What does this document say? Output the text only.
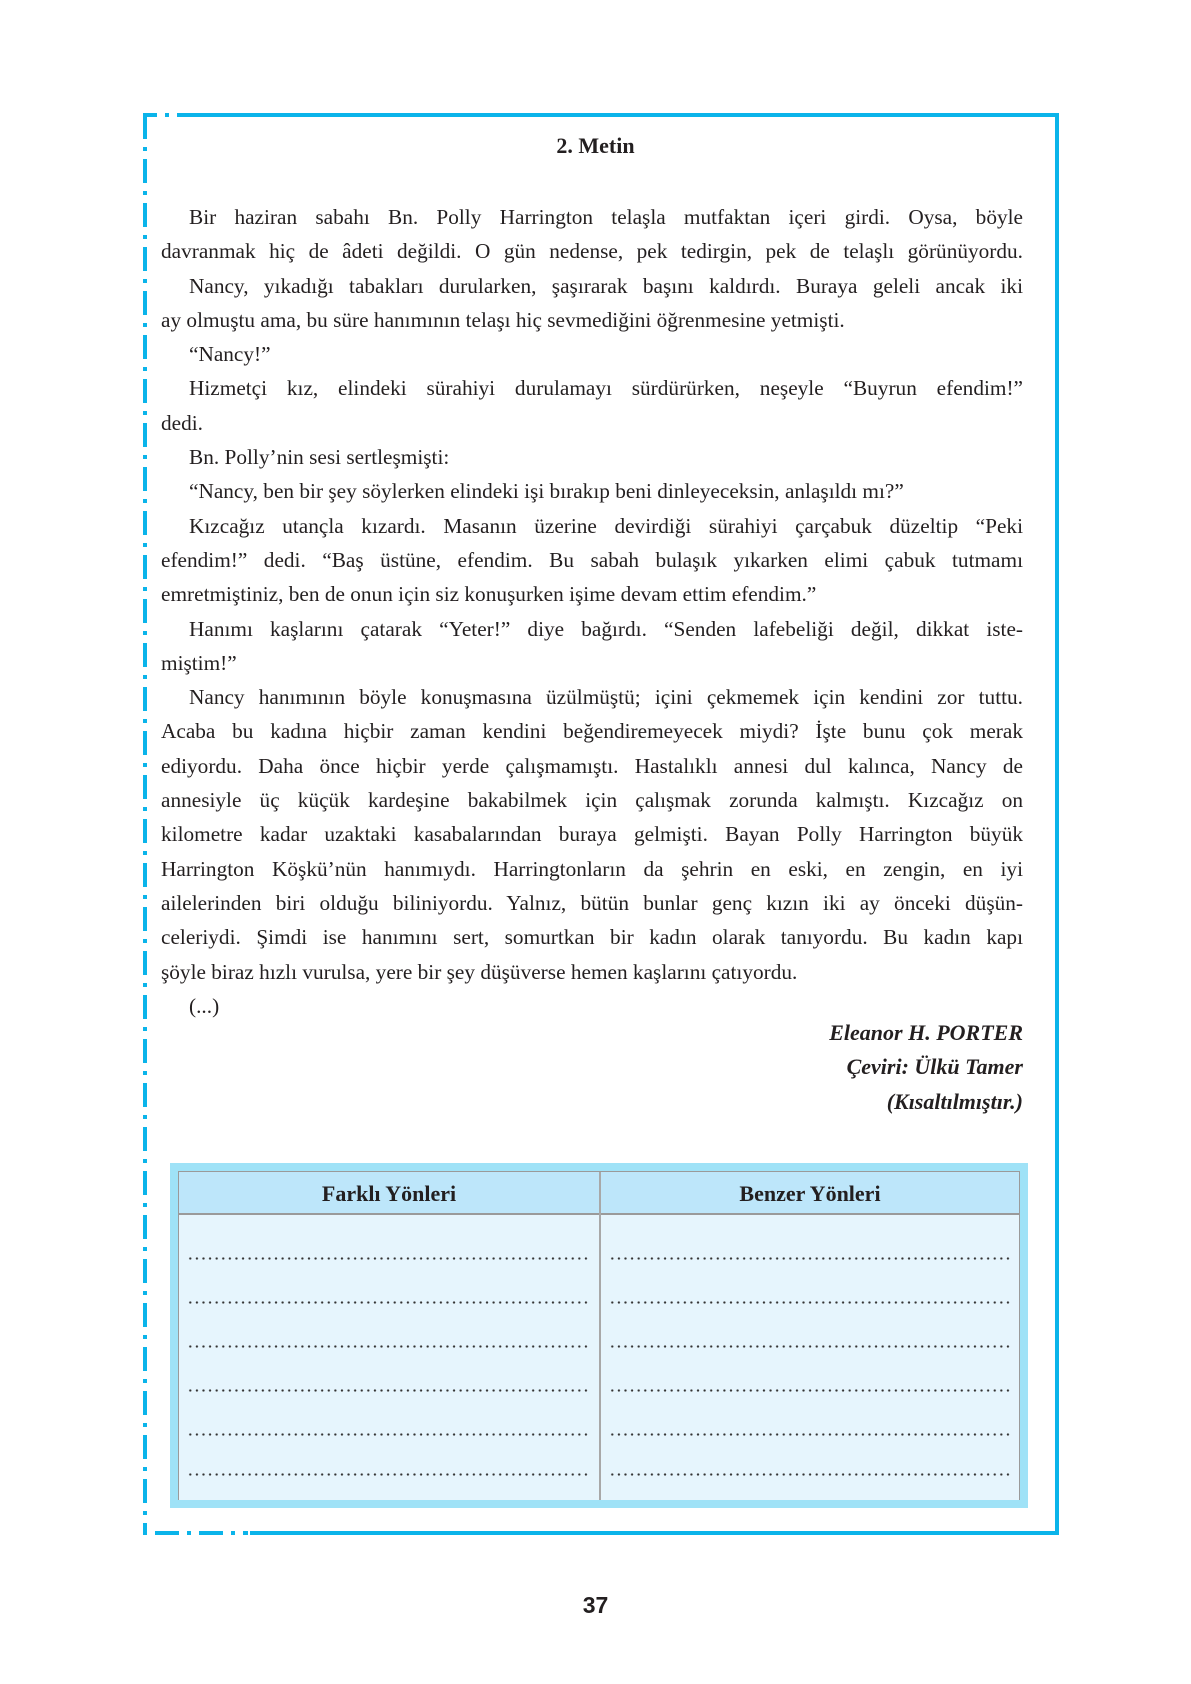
2. Metin
Bir haziran sabahı Bn. Polly Harrington telaşla mutfaktan içeri girdi. Oysa, böyle
davranmak hiç de âdeti değildi. O gün nedense, pek tedirgin, pek de telaşlı görünüyordu.
Nancy, yıkadığı tabakları durularken, şaşırarak başını kaldırdı. Buraya geleli ancak iki
ay olmuştu ama, bu süre hanımının telaşı hiç sevmediğini öğrenmesine yetmişti.
“Nancy!”
Hizmetçi kız, elindeki sürahiyi durulamayı sürdürürken, neşeyle “Buyrun efendim!”
dedi.
Bn. Polly’nin sesi sertleşmişti:
“Nancy, ben bir şey söylerken elindeki işi bırakıp beni dinleyeceksin, anlaşıldı mı?”
Kızcağız utançla kızardı. Masanın üzerine devirdiği sürahiyi çarçabuk düzeltip “Peki
efendim!” dedi. “Baş üstüne, efendim. Bu sabah bulaşık yıkarken elimi çabuk tutmamı
emretmiştiniz, ben de onun için siz konuşurken işime devam ettim efendim.”
Hanımı kaşlarını çatarak “Yeter!” diye bağırdı. “Senden lafebeliği değil, dikkat iste-
miştim!”
Nancy hanımının böyle konuşmasına üzülmüştü; içini çekmemek için kendini zor tuttu.
Acaba bu kadına hiçbir zaman kendini beğendiremeyecek miydi? İşte bunu çok merak
ediyordu. Daha önce hiçbir yerde çalışmamıştı. Hastalıklı annesi dul kalınca, Nancy de
annesiyle üç küçük kardeşine bakabilmek için çalışmak zorunda kalmıştı. Kızcağız on
kilometre kadar uzaktaki kasabalarından buraya gelmişti. Bayan Polly Harrington büyük
Harrington Köşkü’nün hanımıydı. Harringtonların da şehrin en eski, en zengin, en iyi
ailelerinden biri olduğu biliniyordu. Yalnız, bütün bunlar genç kızın iki ay önceki düşün-
celeriydi. Şimdi ise hanımını sert, somurtkan bir kadın olarak tanıyordu. Bu kadın kapı
şöyle biraz hızlı vurulsa, yere bir şey düşüverse hemen kaşlarını çatıyordu.
(...)
Eleanor H. PORTER
Çeviri: Ülkü Tamer
(Kısaltılmıştır.)
Farklı Yönleri	Benzer Yönleri
37
